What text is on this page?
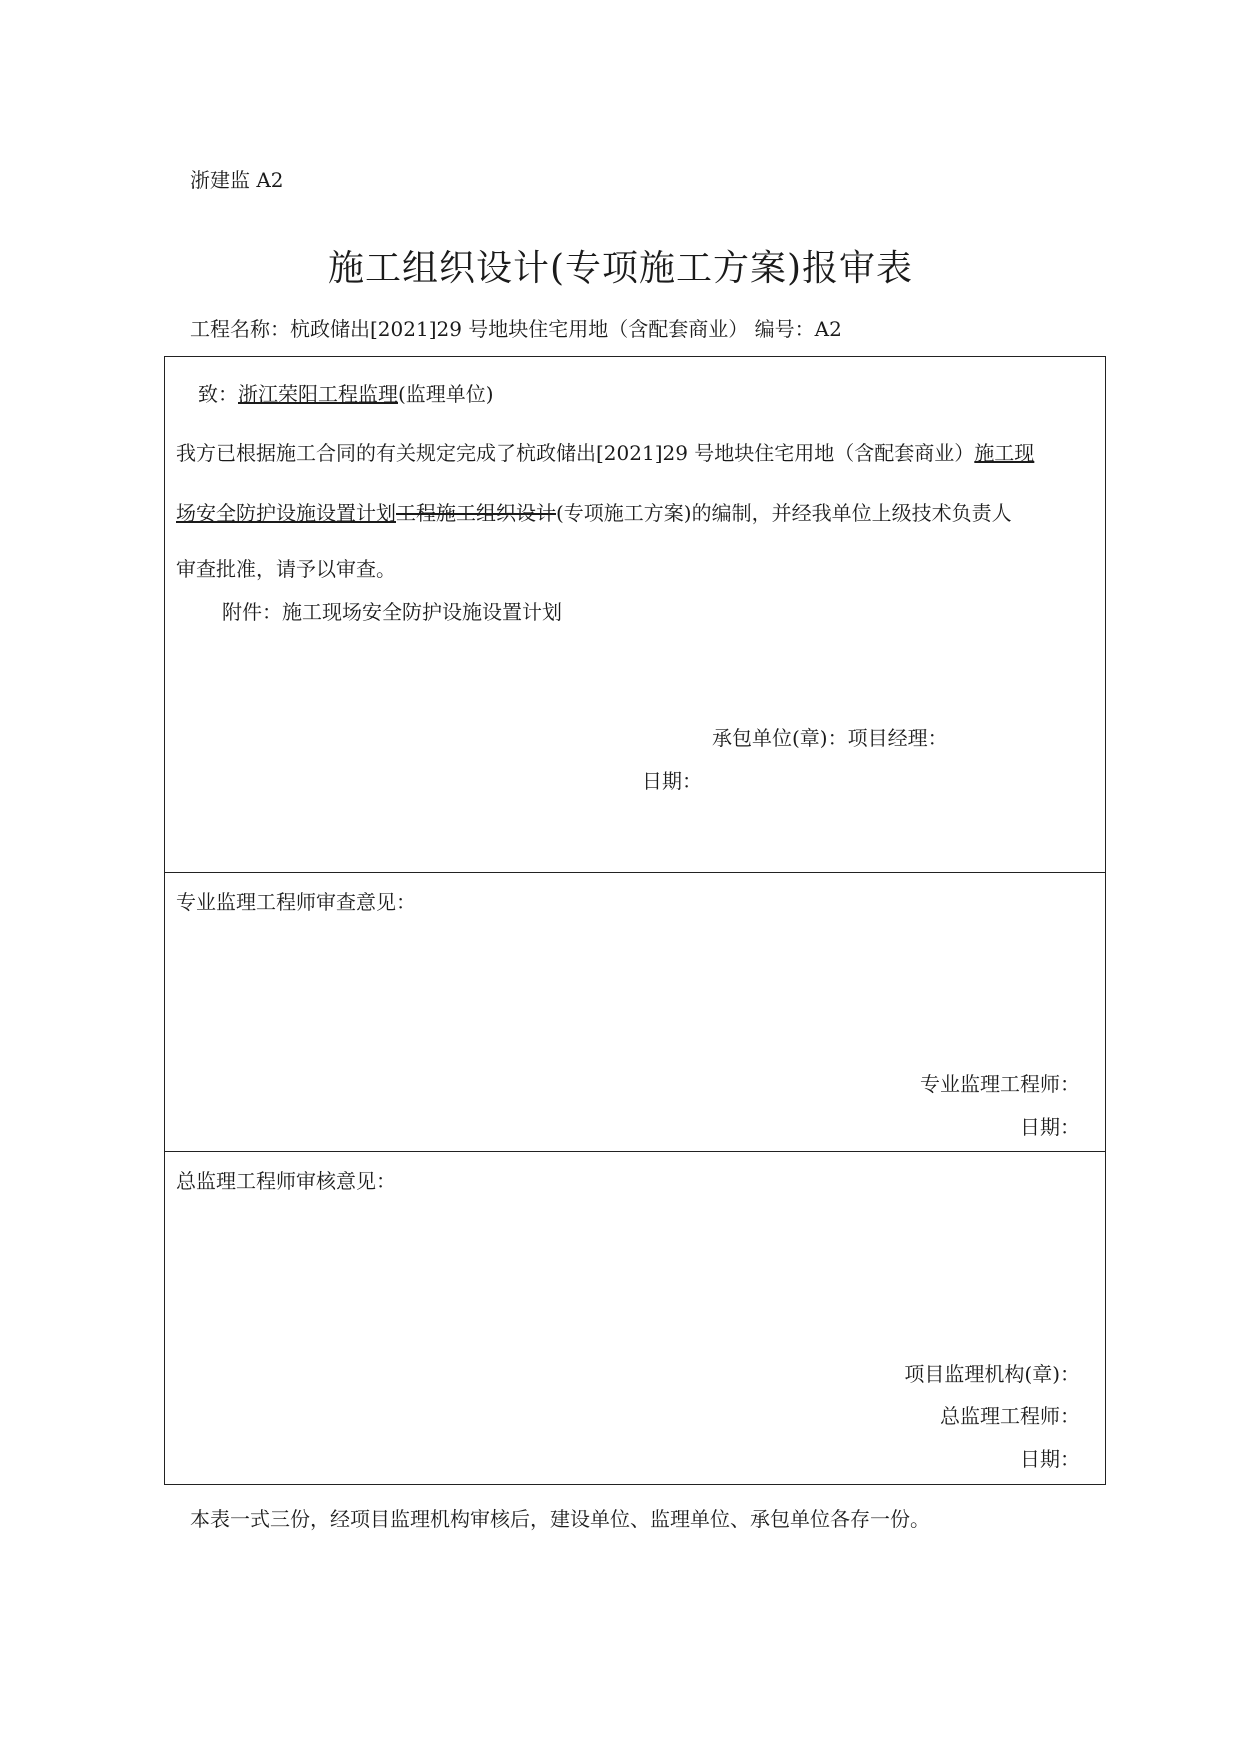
浙建监 A2
施工组织设计(专项施工方案)报审表
工程名称：杭政储出[2021]29 号地块住宅用地（含配套商业） 编号：A2
致：浙江荣阳工程监理(监理单位)
我方已根据施工合同的有关规定完成了杭政储出[2021]29 号地块住宅用地（含配套商业）施工现
场安全防护设施设置计划工程施工组织设计(专项施工方案)的编制，并经我单位上级技术负责人
审查批准，请予以审查。
附件：施工现场安全防护设施设置计划
承包单位(章)：项目经理：
日期：
专业监理工程师审查意见：
专业监理工程师：
日期：
总监理工程师审核意见：
项目监理机构(章)：
总监理工程师：
日期：
本表一式三份，经项目监理机构审核后，建设单位、监理单位、承包单位各存一份。
